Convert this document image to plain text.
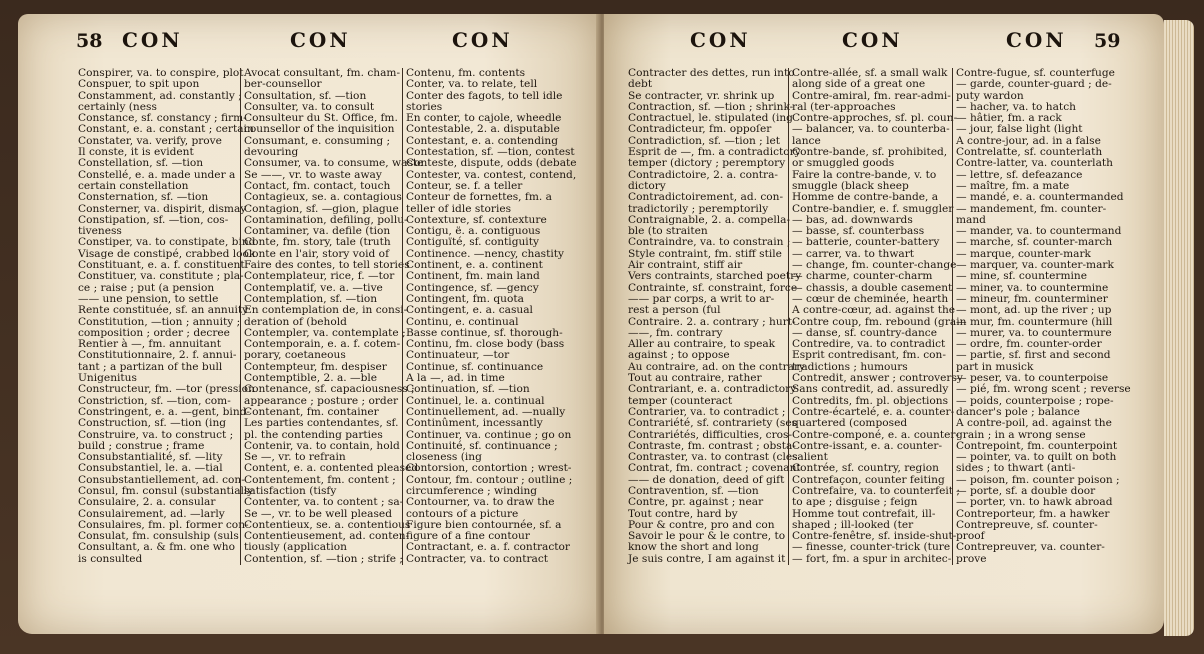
58 CON	CON	CON	CON	CON	CON 59
Conspirer, va. to conspire, plot
Conspuer, to spit upon
Constamment, ad. constantly ;
certainly (ness
Constance, sf. constancy ; firm-
Constant, e. a. constant ; certain
Constater, va. verify, prove
Il conste, it is evident
Constellation, sf. —tion
Constellé, e. a. made under a
certain constellation
Consternation, sf. —tion
Consterner, va. dispirit, dismay
Constipation, sf. —tion, cos-
tiveness
Constiper, va. to constipate, bind
Visage de constipé, crabbed look
Constituant, e. a. f. constituent
Constituer, va. constitute ; pla-
ce ; raise ; put (a pension
—— une pension, to settle
Rente constituée, sf. an annuity
Constitution, —tion ; annuity ;
composition ; order ; decree
Rentier à —, fm. annuitant
Constitutionnaire, 2. f. annui-
tant ; a partizan of the bull
Unigenitus
Constructeur, fm. —tor (pression
Constriction, sf. —tion, com-
Constringent, e. a. —gent, bind-
Construction, sf. —tion (ing
Construire, va. to construct ;
build ; construe ; frame
Consubstantialité, sf. —lity
Consubstantiel, le. a. —tial
Consubstantiellement, ad. con-
Consul, fm. consul (substantially
Consulaire, 2. a. consular
Consulairement, ad. —larly
Consulaires, fm. pl. former con-
Consulat, fm. consulship (suls
Consultant, a. & fm. one who
is consulted
Avocat consultant, fm. cham-
ber-counsellor
Consultation, sf. —tion
Consulter, va. to consult
Consulteur du St. Office, fm.
counsellor of the inquisition
Consumant, e. consuming ;
devouring
Consumer, va. to consume, waste
Se ——, vr. to waste away
Contact, fm. contact, touch
Contagieux, se. a. contagious
Contagion, sf. —gion, plague
Contamination, defiling, pollu-
Contaminer, va. defile (tion
Conte, fm. story, tale (truth
Conte en l'air, story void of
Faire des contes, to tell stories
Contemplateur, rice, f. —tor
Contemplatif, ve. a. —tive
Contemplation, sf. —tion
En contemplation de, in consi-
deration of (behold
Contempler, va. contemplate ;
Contemporain, e. a. f. cotem-
porary, coetaneous
Contempteur, fm. despiser
Contemptible, 2. a. —ble
Contenance, sf. capaciousness ;
appearance ; posture ; order
Contenant, fm. container
Les parties contendantes, sf.
pl. the contending parties
Contenir, va. to contain, hold
Se —, vr. to refrain
Content, e. a. contented pleased
Contentement, fm. content ;
satisfaction (tisfy
Contenter, va. to content ; sa-
Se —, vr. to be well pleased
Contentieux, se. a. contentious
Contentieusement, ad. conten-
tiously (application
Contention, sf. —tion ; strife ;
Contenu, fm. contents
Conter, va. to relate, tell
Conter des fagots, to tell idle
stories
En conter, to cajole, wheedle
Contestable, 2. a. disputable
Contestant, e. a. contending
Contestation, sf. —tion, contest
Conteste, dispute, odds (debate
Contester, va. contest, contend,
Conteur, se. f. a teller
Conteur de fornettes, fm. a
teller of idle stories
Contexture, sf. contexture
Contigu, ë. a. contiguous
Contiguïté, sf. contiguity
Continence. —nency, chastity
Continent, e. a. continent
Continent, fm. main land
Contingence, sf. —gency
Contingent, fm. quota
Contingent, e. a. casual
Continu, e. continual
Basse continue, sf. thorough-
Continu, fm. close body (bass
Continuateur, —tor
Continue, sf. continuance
A la —, ad. in time
Continuation, sf. —tion
Continuel, le. a. continual
Continuellement, ad. —nually
Continûment, incessantly
Continuer, va. continue ; go on
Continuité, sf. continuance ;
closeness (ing
Contorsion, contortion ; wrest-
Contour, fm. contour ; outline ;
circumference ; winding
Contourner, va. to draw the
contours of a picture
Figure bien contournée, sf. a
figure of a fine contour
Contractant, e. a. f. contractor
Contracter, va. to contract
Contracter des dettes, run into
debt
Se contracter, vr. shrink up
Contraction, sf. —tion ; shrink-
Contractuel, le. stipulated (ing
Contradicteur, fm. oppoſer
Contradiction, sf. —tion ; let
Esprit de —, fm. a contradictory
temper (dictory ; peremptory
Contradictoire, 2. a. contra-
dictory
Contradictoirement, ad. con-
tradictorily ; peremptorily
Contraignable, 2. a. compella-
ble (to straiten
Contraindre, va. to constrain ;
Style contraint, fm. stiff stile
Air contraint, stiff air
Vers contraints, starched poetry
Contrainte, sf. constraint, force
—— par corps, a writ to ar-
rest a person (ful
Contraire. 2. a. contrary ; hurt-
——, fm. contrary
Aller au contraire, to speak
against ; to oppose
Au contraire, ad. on the contrary
Tout au contraire, rather
Contrariant, e. a. contradictory
temper (counteract
Contrarier, va. to contradict ;
Contrariété, sf. contrariety (ses
Contrariétés, difficulties, cros-
Contraste, fm. contrast ; obsta-
Contraster, va. to contrast (cles
Contrat, fm. contract ; covenant
—— de donation, deed of gift
Contravention, sf. —tion
Contre, pr. against ; near
Tout contre, hard by
Pour & contre, pro and con
Savoir le pour & le contre, to
know the short and long
Je suis contre, I am against it
Contre-allée, sf. a small walk
along side of a great one
Contre-amiral, fm. rear-admi-
ral (ter-approaches
Contre-approches, sf. pl. coun-
— balancer, va. to counterba-
lance
Contre-bande, sf. prohibited,
or smuggled goods
Faire la contre-bande, v. to
smuggle (black sheep
Homme de contre-bande, a
Contre-bandier, e. f. smuggler
— bas, ad. downwards
— basse, sf. counterbass
— batterie, counter-battery
— carrer, va. to thwart
— change, fm. counter-change
— charme, counter-charm
— chassis, a double casement
— cœur de cheminée, hearth
A contre-cœur, ad. against the
Contre coup, fm. rebound (grain
— danse, sf. country-dance
Contredire, va. to contradict
Esprit contredisant, fm. con-
tradictions ; humours
Contredit, answer ; controversy
Sans contredit, ad. assuredly
Contredits, fm. pl. objections
Contre-écartelé, e. a. counter-
quartered (composed
Contre-componé, e. a. counter-
Contre-issant, e. a. counter-
salient
Contrée, sf. country, region
Contrefaçon, counter feiting
Contrefaire, va. to counterfeit ;
to ape ; disguise ; feign
Homme tout contrefait, ill-
shaped ; ill-looked (ter
Contre-fenêtre, sf. inside-shut-
— finesse, counter-trick (ture
— fort, fm. a spur in architec-
Contre-fugue, sf. counterfuge
— garde, counter-guard ; de-
puty wardon
— hacher, va. to hatch
— hâtier, fm. a rack
— jour, false light (light
A contre-jour, ad. in a false
Contrelatte, sf. counterlath
Contre-latter, va. counterlath
— lettre, sf. defeazance
— maître, fm. a mate
— mandé, e. a. countermanded
— mandement, fm. counter-
mand
— mander, va. to countermand
— marche, sf. counter-march
— marque, counter-mark
— marquer, va. counter-mark
— mine, sf. countermine
— miner, va. to countermine
— mineur, fm. counterminer
— mont, ad. up the river ; up
— mur, fm. countermure (hill
— murer, va. to countermure
— ordre, fm. counter-order
— partie, sf. first and second
part in musick
— peser, va. to counterpoise
— pié, fm. wrong scent ; reverse
— poids, counterpoise ; rope-
dancer's pole ; balance
A contre-poil, ad. against the
grain ; in a wrong sense
Contrepoint, fm. counterpoint
— pointer, va. to quilt on both
sides ; to thwart (anti-
— poison, fm. counter poison ;
— porte, sf. a double door
— porter, vn. to hawk abroad
Contreporteur, fm. a hawker
Contrepreuve, sf. counter-
proof
Contrepreuver, va. counter-
prove
